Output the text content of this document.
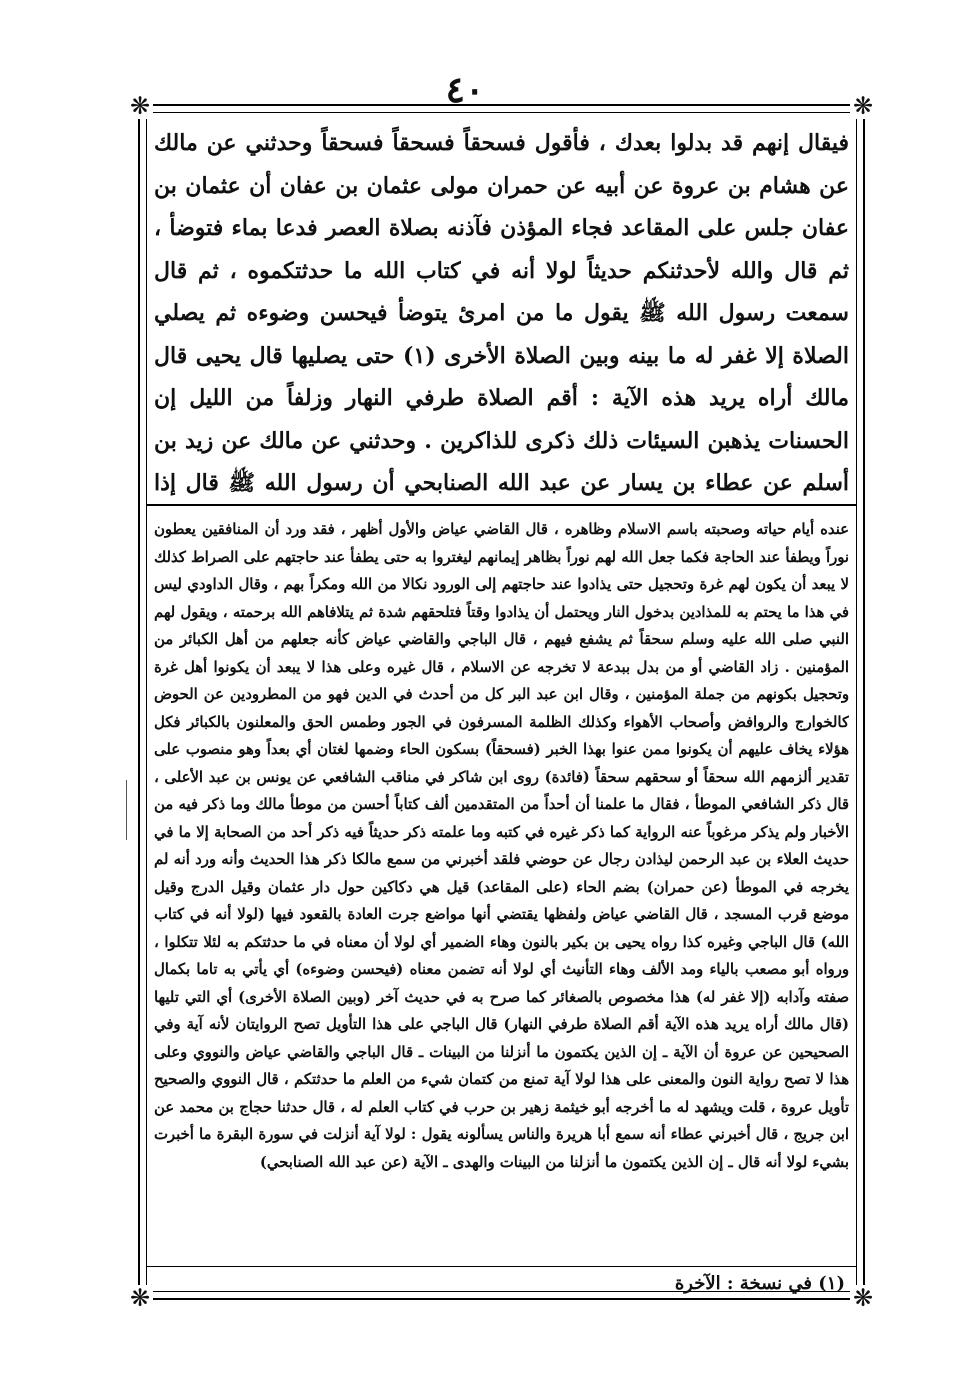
٤٠
❋	❋
❋	❋
فيقال إنهم قد بدلوا بعدك ، فأقول فسحقاً فسحقاً فسحقاً وحدثني عن مالك عن هشام بن عروة عن أبيه عن حمران مولى عثمان بن عفان أن عثمان بن عفان جلس على المقاعد فجاء المؤذن فآذنه بصلاة العصر فدعا بماء فتوضأ ، ثم قال والله لأحدثنكم حديثاً لولا أنه في كتاب الله ما حدثتكموه ، ثم قال سمعت رسول الله ﷺ يقول ما من امرئ يتوضأ فيحسن وضوءه ثم يصلي الصلاة إلا غفر له ما بينه وبين الصلاة الأخرى (١) حتى يصليها قال يحيى قال مالك أراه يريد هذه الآية : أقم الصلاة طرفي النهار وزلفاً من الليل إن الحسنات يذهبن السيئات ذلك ذكرى للذاكرين . وحدثني عن مالك عن زيد بن أسلم عن عطاء بن يسار عن عبد الله الصنابحي أن رسول الله ﷺ قال إذا
عنده أيام حياته وصحبته باسم الاسلام وظاهره ، قال القاضي عياض والأول أظهر ، فقد ورد أن المنافقين يعطون نوراً ويطفأ عند الحاجة فكما جعل الله لهم نوراً بظاهر إيمانهم ليغتروا به حتى يطفأ عند حاجتهم على الصراط كذلك لا يبعد أن يكون لهم غرة وتحجيل حتى يذادوا عند حاجتهم إلى الورود نكالا من الله ومكراً بهم ، وقال الداودي ليس في هذا ما يحتم به للمذادين بدخول النار ويحتمل أن يذادوا وقتاً فتلحقهم شدة ثم يتلافاهم الله برحمته ، ويقول لهم النبي صلى الله عليه وسلم سحقاً ثم يشفع فيهم ، قال الباجي والقاضي عياض كأنه جعلهم من أهل الكبائر من المؤمنين . زاد القاضي أو من بدل ببدعة لا تخرجه عن الاسلام ، قال غيره وعلى هذا لا يبعد أن يكونوا أهل غرة وتحجيل بكونهم من جملة المؤمنين ، وقال ابن عبد البر كل من أحدث في الدين فهو من المطرودين عن الحوض كالخوارج والروافض وأصحاب الأهواء وكذلك الظلمة المسرفون في الجور وطمس الحق والمعلنون بالكبائر فكل هؤلاء يخاف عليهم أن يكونوا ممن عنوا بهذا الخبر (فسحقاً) بسكون الحاء وضمها لغتان أي بعداً وهو منصوب على تقدير ألزمهم الله سحقاً أو سحقهم سحقاً (فائدة) روى ابن شاكر في مناقب الشافعي عن يونس بن عبد الأعلى ، قال ذكر الشافعي الموطأ ، فقال ما علمنا أن أحداً من المتقدمين ألف كتاباً أحسن من موطأ مالك وما ذكر فيه من الأخبار ولم يذكر مرغوباً عنه الرواية كما ذكر غيره في كتبه وما علمته ذكر حديثاً فيه ذكر أحد من الصحابة إلا ما في حديث العلاء بن عبد الرحمن ليذادن رجال عن حوضي فلقد أخبرني من سمع مالكا ذكر هذا الحديث وأنه ورد أنه لم يخرجه في الموطأ (عن حمران) بضم الحاء (على المقاعد) قيل هي دكاكين حول دار عثمان وقيل الدرج وقيل موضع قرب المسجد ، قال القاضي عياض ولفظها يقتضي أنها مواضع جرت العادة بالقعود فيها (لولا أنه في كتاب الله) قال الباجي وغيره كذا رواه يحيى بن بكير بالنون وهاء الضمير أي لولا أن معناه في ما حدثتكم به لئلا تتكلوا ، ورواه أبو مصعب بالياء ومد الألف وهاء التأنيث أي لولا أنه تضمن معناه (فيحسن وضوءه) أي يأتي به تاما بكمال صفته وآدابه (إلا غفر له) هذا مخصوص بالصغائر كما صرح به في حديث آخر (وبين الصلاة الأخرى) أي التي تليها (قال مالك أراه يريد هذه الآية أقم الصلاة طرفي النهار) قال الباجي على هذا التأويل تصح الروايتان لأنه آية وفي الصحيحين عن عروة أن الآية ـ إن الذين يكتمون ما أنزلنا من البينات ـ قال الباجي والقاضي عياض والنووي وعلى هذا لا تصح رواية النون والمعنى على هذا لولا آية تمنع من كتمان شيء من العلم ما حدثتكم ، قال النووي والصحيح تأويل عروة ، قلت ويشهد له ما أخرجه أبو خيثمة زهير بن حرب في كتاب العلم له ، قال حدثنا حجاج بن محمد عن ابن جريج ، قال أخبرني عطاء أنه سمع أبا هريرة والناس يسألونه يقول : لولا آية أنزلت في سورة البقرة ما أخبرت بشيء لولا أنه قال ـ إن الذين يكتمون ما أنزلنا من البينات والهدى ـ الآية (عن عبد الله الصنابحي)
(١) في نسخة : الآخرة
